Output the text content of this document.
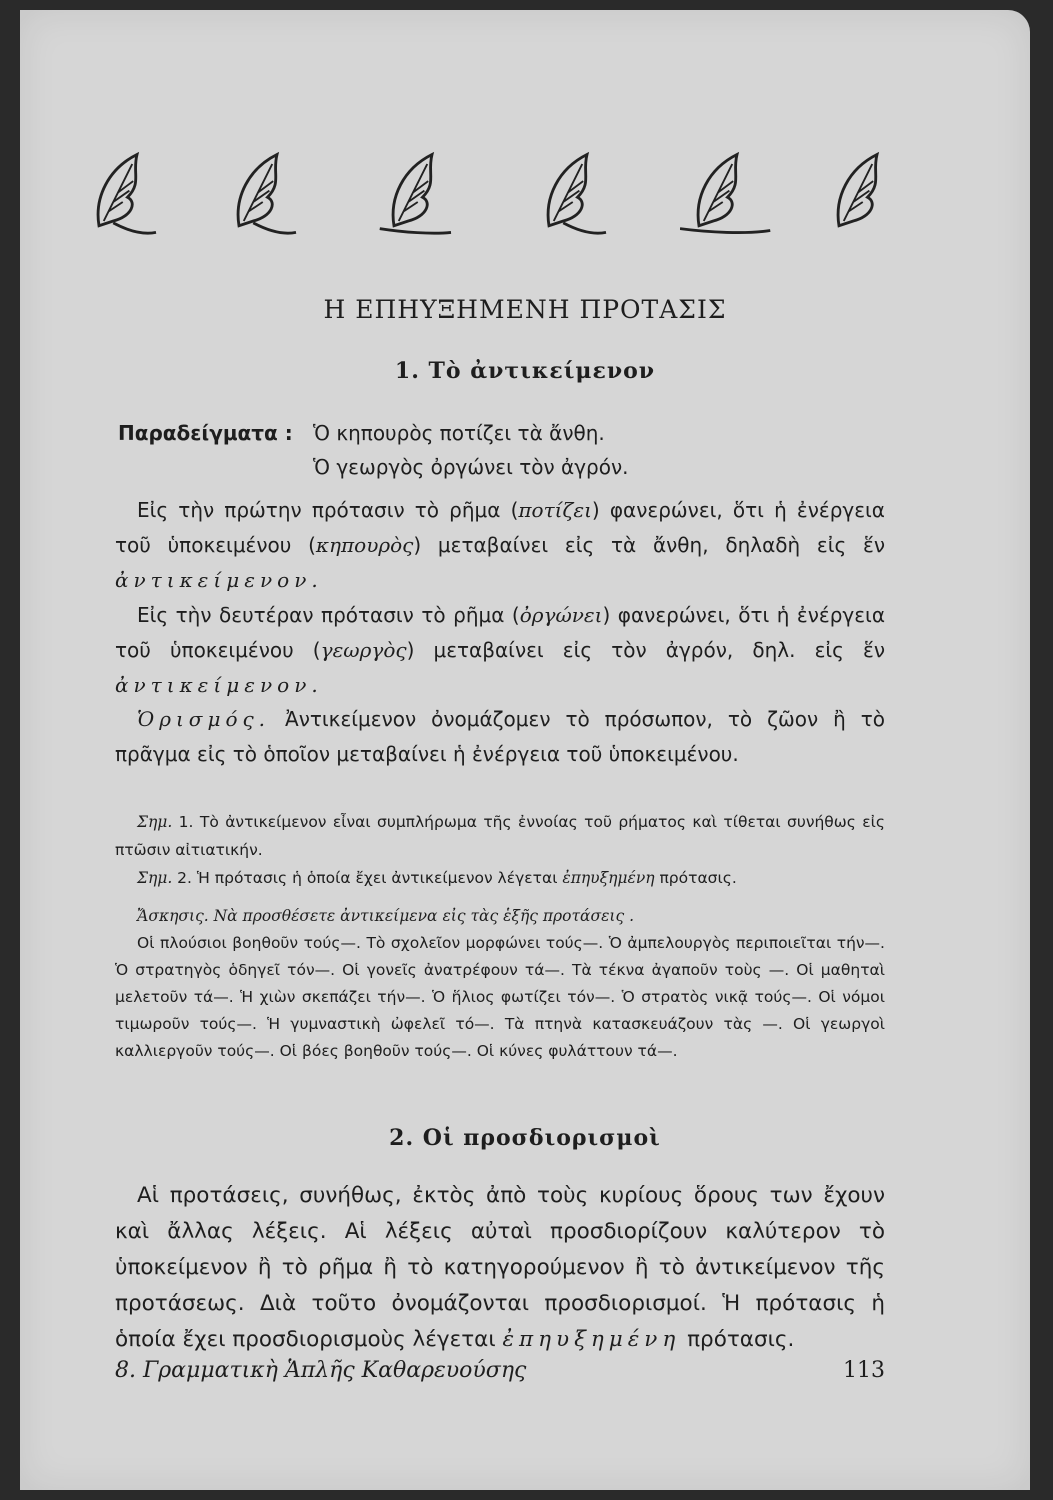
Η ΕΠΗΥΞΗΜΕΝΗ ΠΡΟΤΑΣΙΣ
1. Τὸ ἀντικείμενον
Παραδείγματα : Ὁ κηπουρὸς ποτίζει τὰ ἄνθη.
Ὁ γεωργὸς ὀργώνει τὸν ἀγρόν.

Εἰς τὴν πρώτην πρότασιν τὸ ρῆμα (ποτίζει) φανερώνει, ὅτι ἡ ἐνέργεια τοῦ ὑποκειμένου (κηπουρὸς) μεταβαίνει εἰς τὰ ἄνθη, δηλαδὴ εἰς ἕν ἀντικείμενον.

Εἰς τὴν δευτέραν πρότασιν τὸ ρῆμα (ὀργώνει) φανερώνει, ὅτι ἡ ἐνέργεια τοῦ ὑποκειμένου (γεωργὸς) μεταβαίνει εἰς τὸν ἀγρόν, δηλ. εἰς ἕν ἀντικείμενον.

Ὁρισμός. Ἀντικείμενον ὀνομάζομεν τὸ πρόσωπον, τὸ ζῶον ἢ τὸ πρᾶγμα εἰς τὸ ὁποῖον μεταβαίνει ἡ ἐνέργεια τοῦ ὑποκειμένου.

Σημ. 1. Τὸ ἀντικείμενον εἶναι συμπλήρωμα τῆς ἐννοίας τοῦ ρήματος καὶ τίθεται συνήθως εἰς πτῶσιν αἰτιατικήν.

Σημ. 2. Ἡ πρότασις ἡ ὁποία ἔχει ἀντικείμενον λέγεται ἐπηυξημένη πρότασις.

Ἄσκησις. Νὰ προσθέσετε ἀντικείμενα εἰς τὰς ἑξῆς προτάσεις .

Οἱ πλούσιοι βοηθοῦν τούς—. Τὸ σχολεῖον μορφώνει τούς—. Ὁ ἀμπελουργὸς περιποιεῖται τήν—. Ὁ στρατηγὸς ὁδηγεῖ τόν—. Οἱ γονεῖς ἀνατρέφουν τά—. Τὰ τέκνα ἀγαποῦν τοὺς —. Οἱ μαθηταὶ μελετοῦν τά—. Ἡ χιὼν σκεπάζει τήν—. Ὁ ἥλιος φωτίζει τόν—. Ὁ στρατὸς νικᾷ τούς—. Οἱ νόμοι τιμωροῦν τούς—. Ἡ γυμναστικὴ ὠφελεῖ τό—. Τὰ πτηνὰ κατασκευάζουν τὰς —. Οἱ γεωργοὶ καλλιεργοῦν τούς—. Οἱ βόες βοηθοῦν τούς—. Οἱ κύνες φυλάττουν τά—.

2. Οἱ προσδιορισμοὶ

Αἱ προτάσεις, συνήθως, ἐκτὸς ἀπὸ τοὺς κυρίους ὅρους των ἔχουν καὶ ἄλλας λέξεις. Αἱ λέξεις αὐταὶ προσδιορίζουν καλύτερον τὸ ὑποκείμενον ἢ τὸ ρῆμα ἢ τὸ κατηγορούμενον ἢ τὸ ἀντικείμενον τῆς προτάσεως. Διὰ τοῦτο ὀνομάζονται προσδιορισμοί. Ἡ πρότασις ἡ ὁποία ἔχει προσδιορισμοὺς λέγεται ἐπηυξημένη πρότασις.

8. Γραμματικὴ Ἁπλῆς Καθαρευούσης	113
